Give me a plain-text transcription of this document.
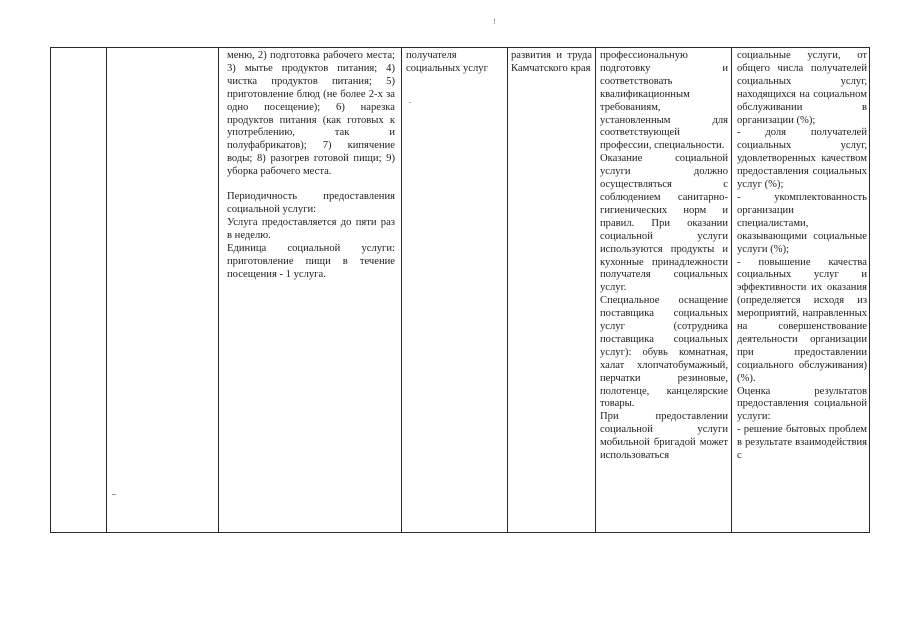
!

меню, 2) подготовка рабочего места; 3) мытье продуктов питания; 4) чистка продуктов питания; 5) приготовление блюд (не более 2-х за одно посещение); 6) нарезка продуктов питания (как готовых к употреблению, так и полуфабрикатов); 7) кипячение воды; 8) разогрев готовой пищи; 9) уборка рабочего места.

Периодичность предоставления социальной услуги:

Услуга предоставляется до пяти раз в неделю.

Единица социальной услуги: приготовление пищи в течение посещения - 1 услуга.

получателя социальных услуг

развития и труда Камчатского края

профессиональную подготовку и соответствовать квалификационным требованиям, установленным для соответствующей профессии, специальности.

Оказание социальной услуги должно осуществляться с соблюдением санитарно-гигиенических норм и правил. При оказании социальной услуги используются продукты и кухонные принадлежности получателя социальных услуг.

Специальное оснащение поставщика социальных услуг (сотрудника поставщика социальных услуг): обувь комнатная, халат хлопчатобумажный, перчатки резиновые, полотенце, канцелярские товары.

При предоставлении социальной услуги мобильной бригадой может использоваться

социальные услуги, от общего числа получателей социальных услуг, находящихся на социальном обслуживании в организации (%);

- доля получателей социальных услуг, удовлетворенных качеством предоставления социальных услуг (%);

- укомплектованность организации специалистами, оказывающими социальные услуги (%);

- повышение качества социальных услуг и эффективности их оказания (определяется исходя из мероприятий, направленных на совершенствование деятельности организации при предоставлении социального обслуживания) (%).

Оценка результатов предоставления социальной услуги:

- решение бытовых проблем в результате взаимодействия с
